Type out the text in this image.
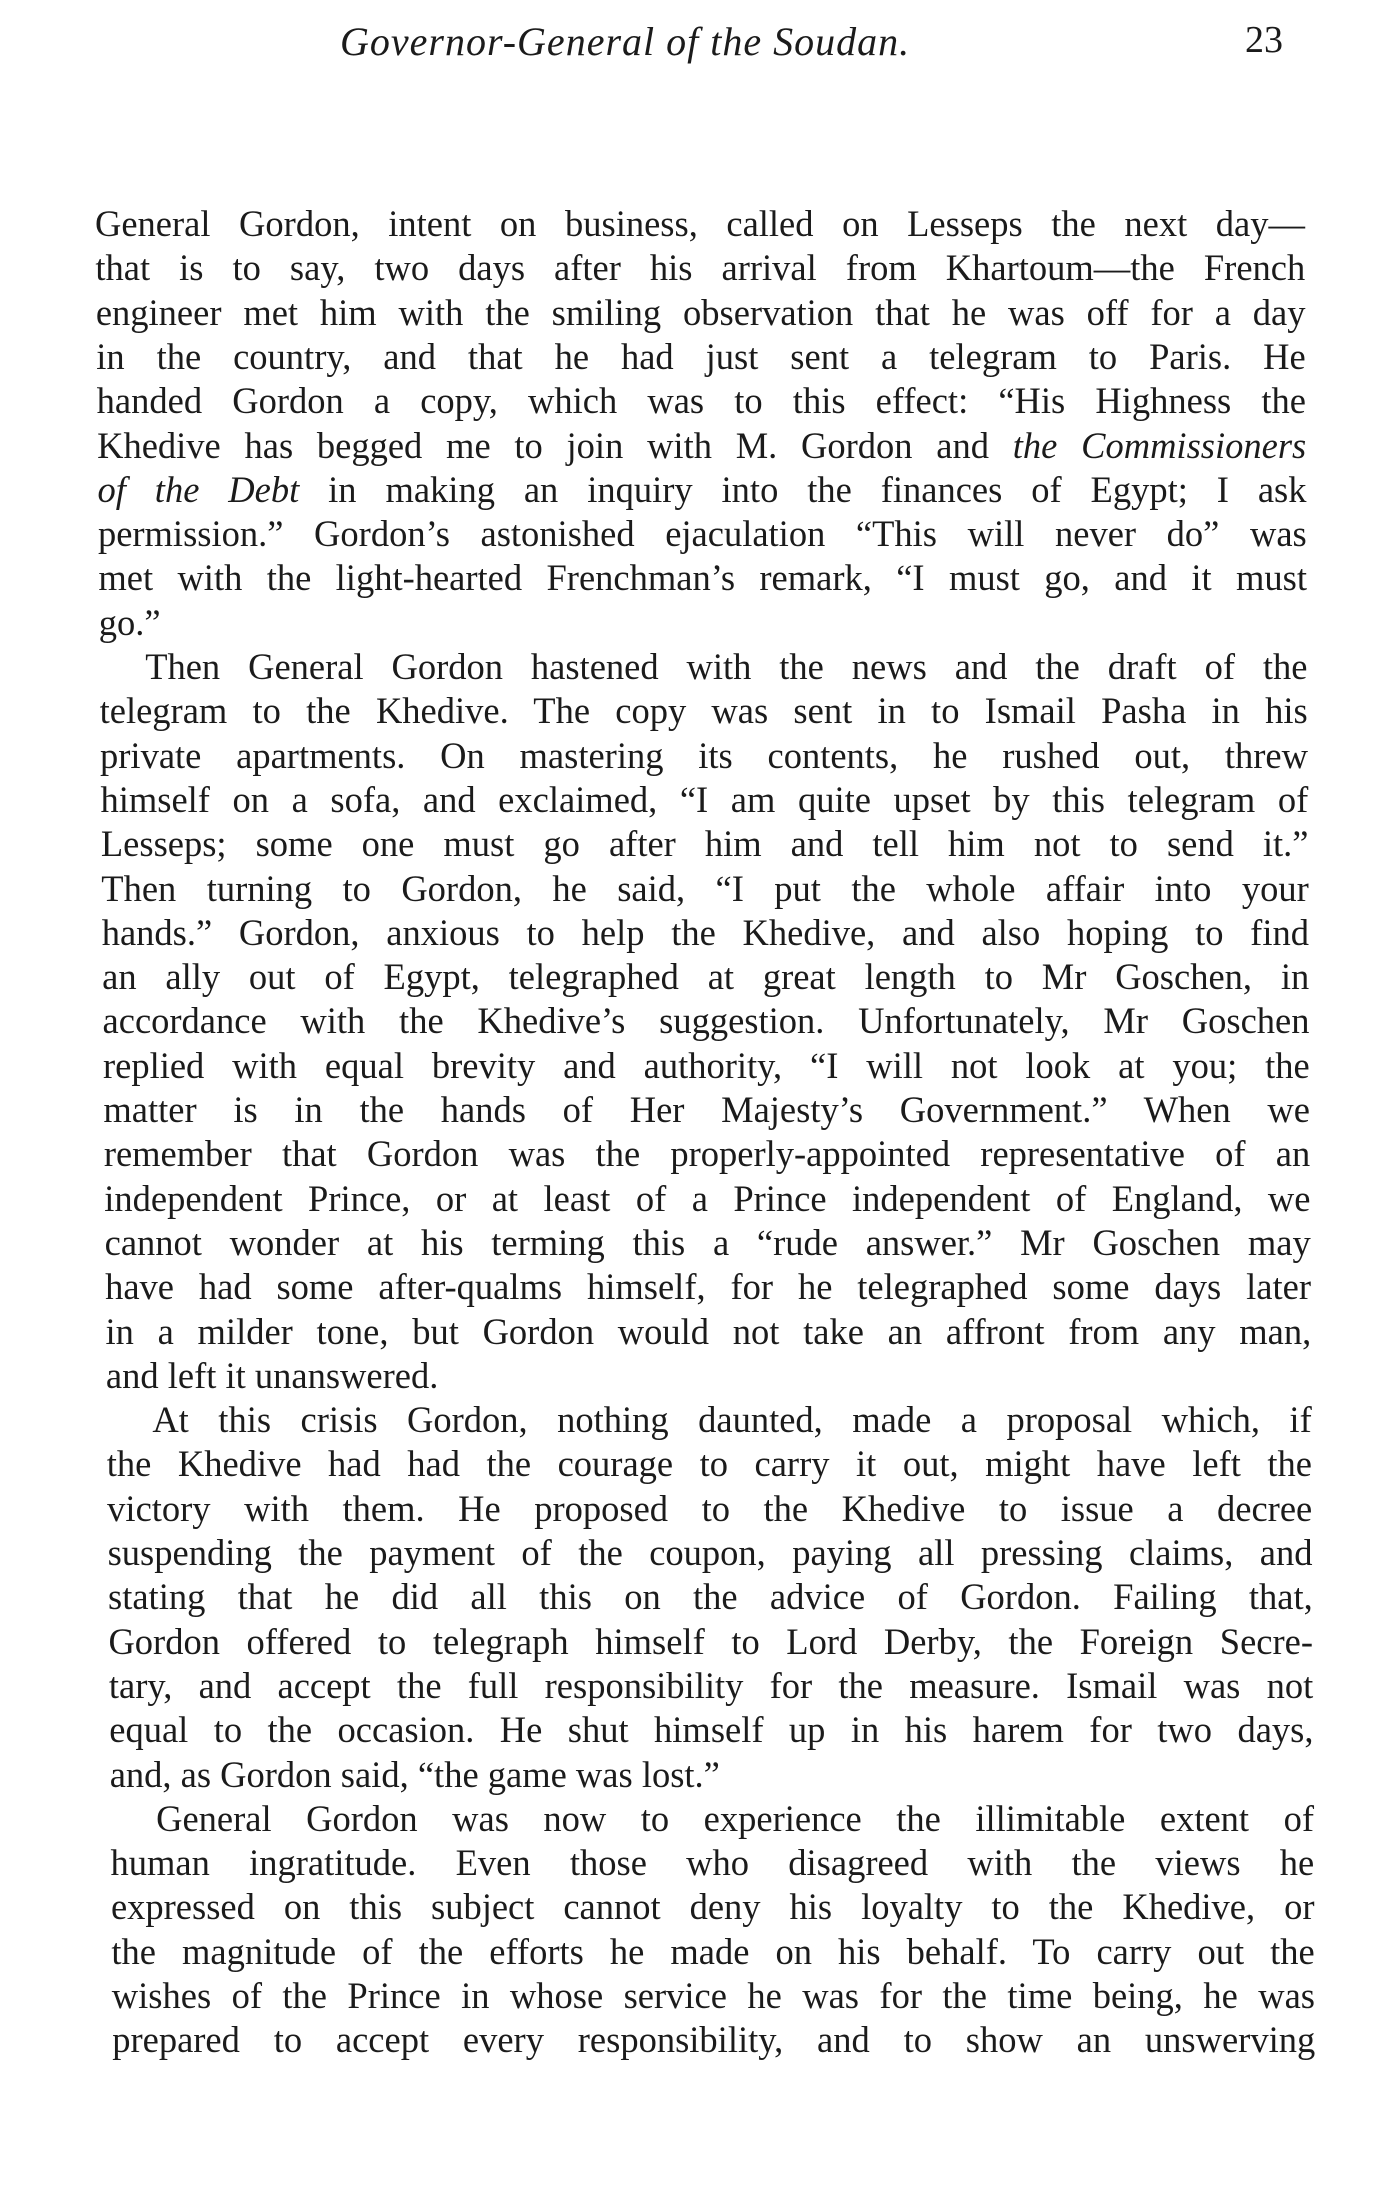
Governor-General of the Soudan.	23
General Gordon, intent on business, called on Lesseps the next day—
that is to say, two days after his arrival from Khartoum—the French
engineer met him with the smiling observation that he was off for a day
in the country, and that he had just sent a telegram to Paris. He
handed Gordon a copy, which was to this effect: “His Highness the
Khedive has begged me to join with M. Gordon and the Commissioners
of the Debt in making an inquiry into the finances of Egypt; I ask
permission.” Gordon’s astonished ejaculation “This will never do” was
met with the light-hearted Frenchman’s remark, “I must go, and it must
go.”
Then General Gordon hastened with the news and the draft of the
telegram to the Khedive. The copy was sent in to Ismail Pasha in his
private apartments. On mastering its contents, he rushed out, threw
himself on a sofa, and exclaimed, “I am quite upset by this telegram of
Lesseps; some one must go after him and tell him not to send it.”
Then turning to Gordon, he said, “I put the whole affair into your
hands.” Gordon, anxious to help the Khedive, and also hoping to find
an ally out of Egypt, telegraphed at great length to Mr Goschen, in
accordance with the Khedive’s suggestion. Unfortunately, Mr Goschen
replied with equal brevity and authority, “I will not look at you; the
matter is in the hands of Her Majesty’s Government.” When we
remember that Gordon was the properly-appointed representative of an
independent Prince, or at least of a Prince independent of England, we
cannot wonder at his terming this a “rude answer.” Mr Goschen may
have had some after-qualms himself, for he telegraphed some days later
in a milder tone, but Gordon would not take an affront from any man,
and left it unanswered.
At this crisis Gordon, nothing daunted, made a proposal which, if
the Khedive had had the courage to carry it out, might have left the
victory with them. He proposed to the Khedive to issue a decree
suspending the payment of the coupon, paying all pressing claims, and
stating that he did all this on the advice of Gordon. Failing that,
Gordon offered to telegraph himself to Lord Derby, the Foreign Secre-
tary, and accept the full responsibility for the measure. Ismail was not
equal to the occasion. He shut himself up in his harem for two days,
and, as Gordon said, “the game was lost.”
General Gordon was now to experience the illimitable extent of
human ingratitude. Even those who disagreed with the views he
expressed on this subject cannot deny his loyalty to the Khedive, or
the magnitude of the efforts he made on his behalf. To carry out the
wishes of the Prince in whose service he was for the time being, he was
prepared to accept every responsibility, and to show an unswerving
